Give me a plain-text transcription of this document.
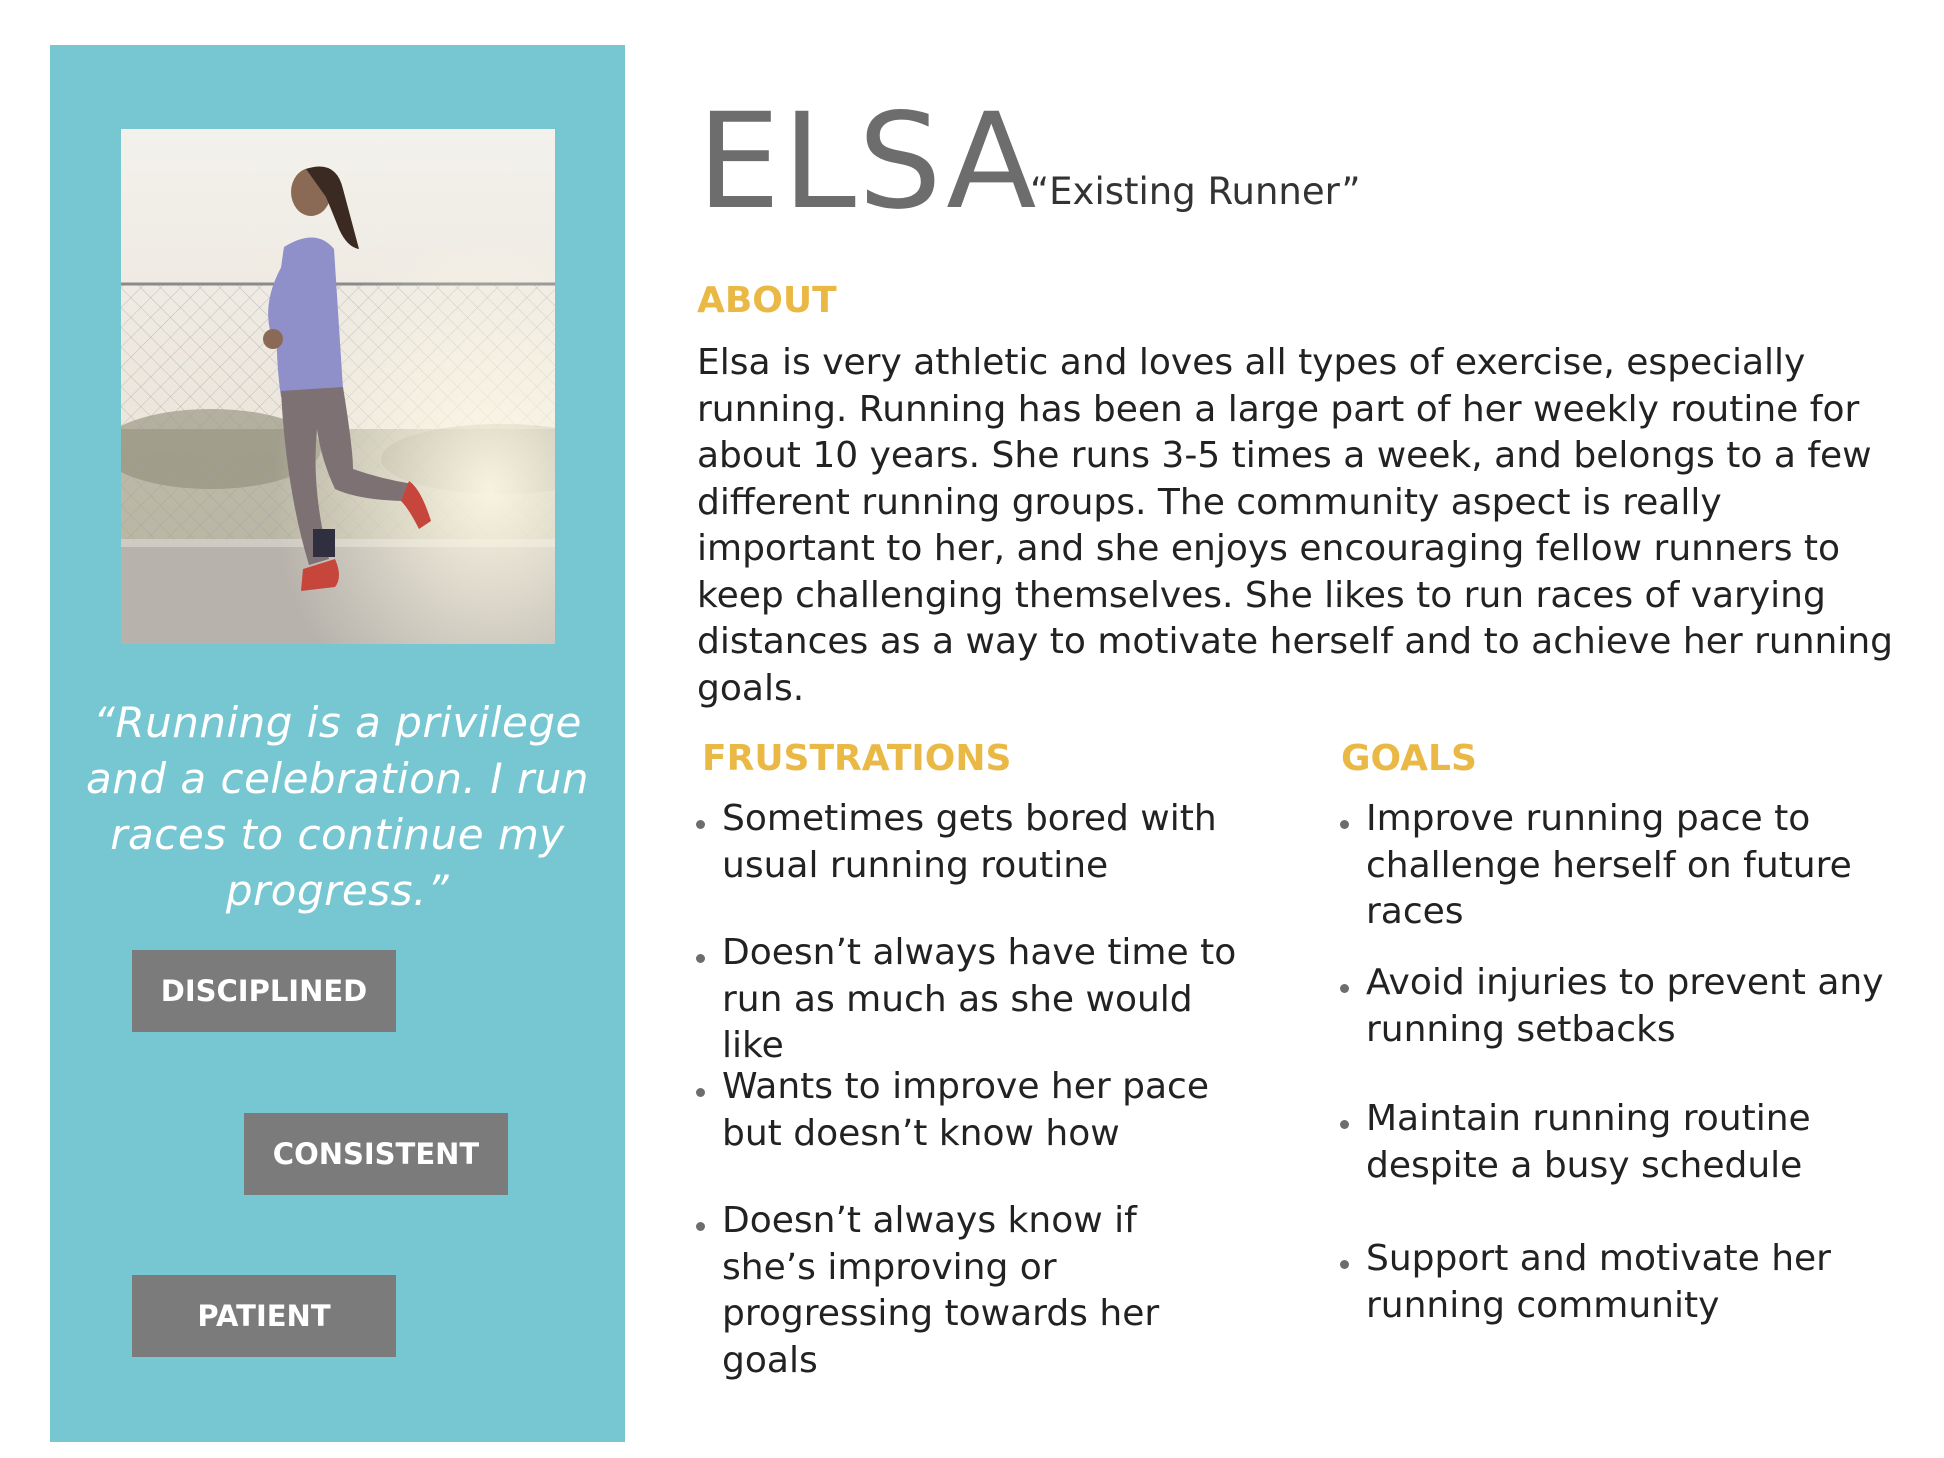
“Running is a privilege and a celebration. I run races to continue my progress.”
DISCIPLINED
CONSISTENT
PATIENT
ELSA
“Existing Runner”
ABOUT
Elsa is very athletic and loves all types of exercise, especially running. Running has been a large part of her weekly routine for about 10 years. She runs 3-5 times a week, and belongs to a few different running groups. The community aspect is really important to her, and she enjoys encouraging fellow runners to keep challenging themselves. She likes to run races of varying distances as a way to motivate herself and to achieve her running goals.
FRUSTRATIONS
Sometimes gets bored with usual running routine
Doesn’t always have time to run as much as she would like
Wants to improve her pace but doesn’t know how
Doesn’t always know if she’s improving or progressing towards her goals
GOALS
Improve running pace to challenge herself on future races
Avoid injuries to prevent any running setbacks
Maintain running routine despite a busy schedule
Support and motivate her running community
